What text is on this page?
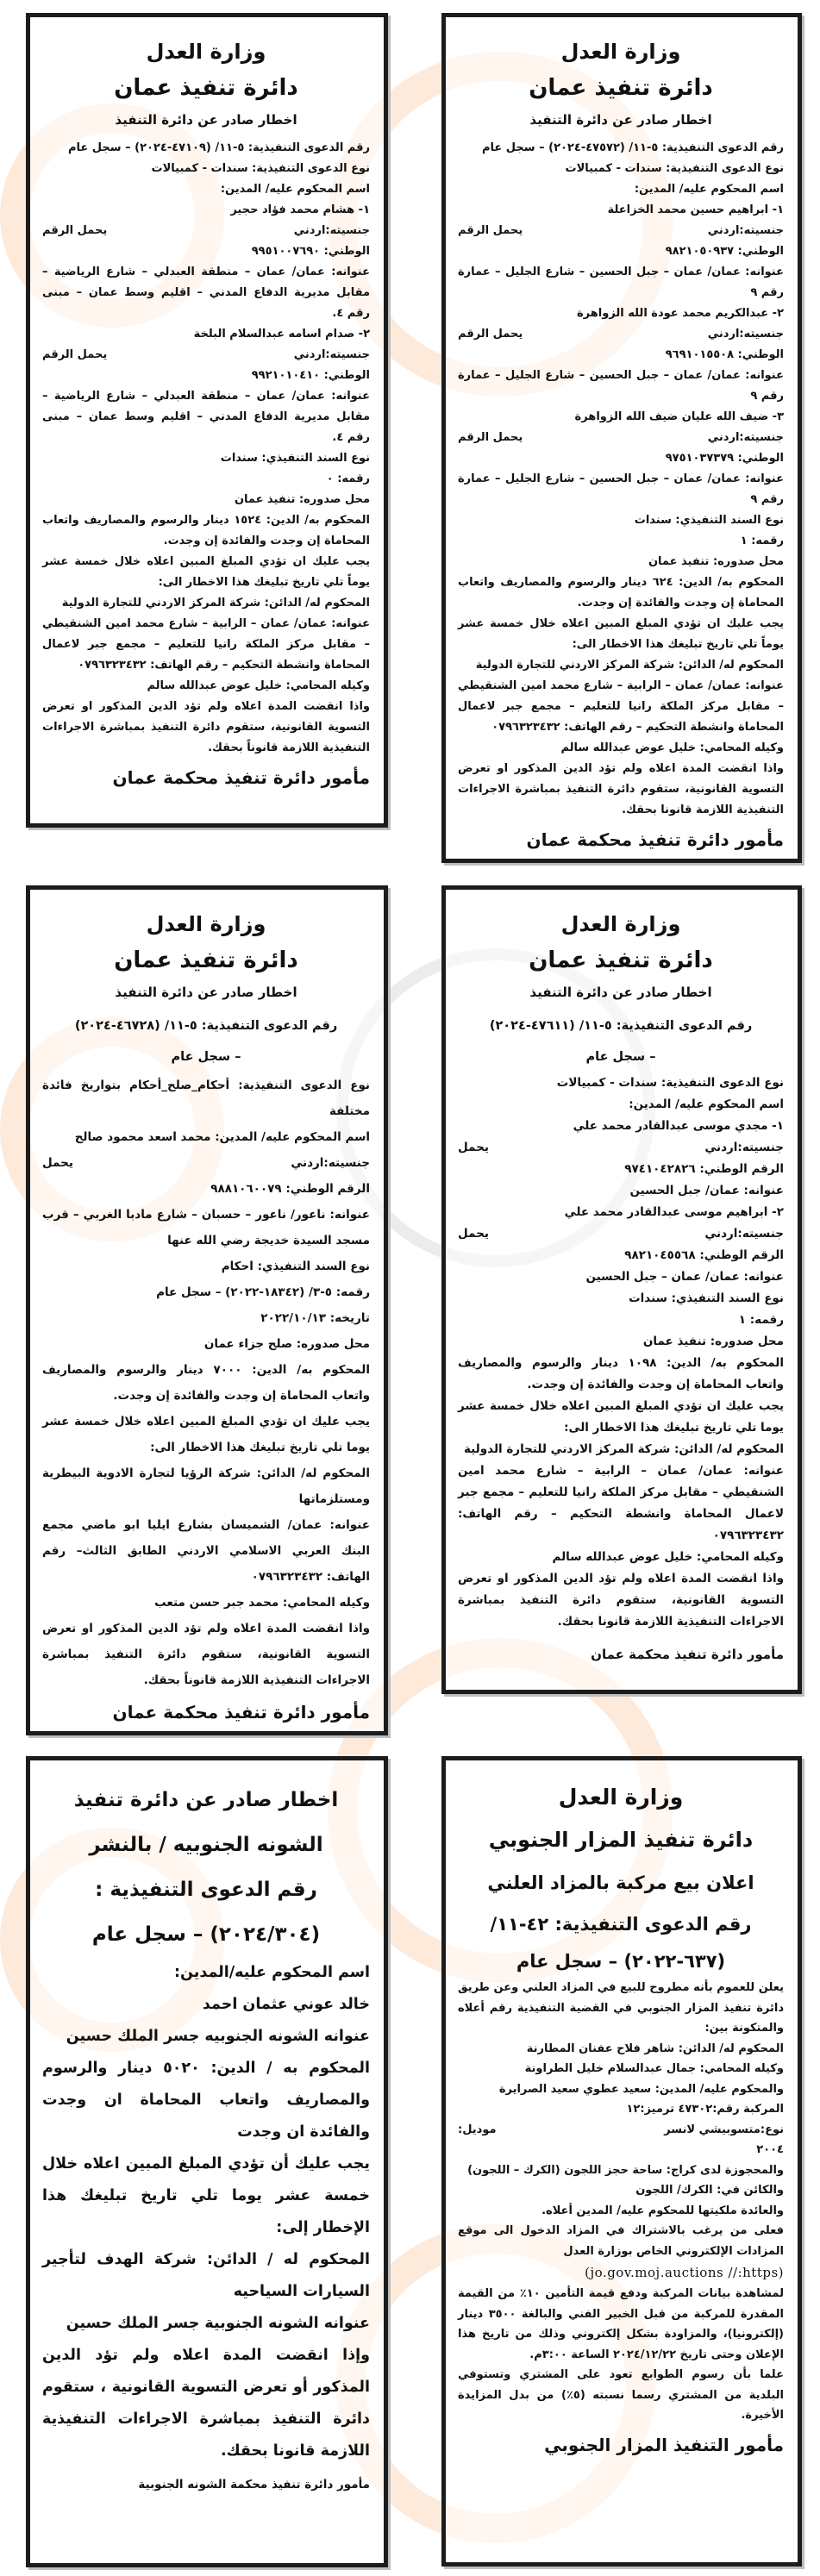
وزارة العدل
دائرة تنفيذ عمان
اخطار صادر عن دائرة التنفيذ
رقم الدعوى التنفيذية: ٥-١١/ (٤٧٥٧٢-٢٠٢٤) – سجل عام
نوع الدعوى التنفيذية: سندات - كمبيالات
اسم المحكوم عليه/ المدين:
١- ابراهيم حسين محمد الخزاعلة
جنسيته:اردني
يحمل الرقم
الوطني: ٩٨٢١٠٥٠٩٣٧
عنوانه: عمان/ عمان – جبل الحسين – شارع الجليل – عمارة رقم ٩
٢- عبدالكريم محمد عودة الله الزواهرة
جنسيته:اردني
يحمل الرقم
الوطني: ٩٦٩١٠١٥٥٠٨
عنوانه: عمان/ عمان – جبل الحسين – شارع الجليل – عمارة رقم ٩
٣- ضيف الله عليان ضيف الله الزواهرة
جنسيته:اردني
يحمل الرقم
الوطني: ٩٧٥١٠٣٧٣٧٩
عنوانه: عمان/ عمان – جبل الحسين – شارع الجليل – عمارة رقم ٩
نوع السند التنفيذي: سندات
رقمه: ١
محل صدوره: تنفيذ عمان
المحكوم به/ الدين: ٦٢٤ دينار والرسوم والمصاريف واتعاب المحاماة إن وجدت والفائدة إن وجدت.
يجب عليك ان تؤدي المبلغ المبين اعلاه خلال خمسة عشر يوماً تلي تاريخ تبليغك هذا الاخطار الى:
المحكوم له/ الدائن: شركة المركز الاردني للتجارة الدولية
عنوانه: عمان/ عمان – الرابية – شارع محمد امين الشنقيطي – مقابل مركز الملكة رانيا للتعليم – مجمع جبر لاعمال المحاماة وانشطة التحكيم – رقم الهاتف: ٠٧٩٦٣٢٣٤٣٢
وكيله المحامي: خليل عوض عبدالله سالم
واذا انقضت المدة اعلاه ولم تؤد الدين المذكور او تعرض التسوية القانونية، ستقوم دائرة التنفيذ بمباشرة الاجراءات التنفيذية اللازمة قانونا بحقك.
مأمور دائرة تنفيذ محكمة عمان
وزارة العدل
دائرة تنفيذ عمان
اخطار صادر عن دائرة التنفيذ
رقم الدعوى التنفيذية: ٥-١١/ (٤٧١٠٩-٢٠٢٤) – سجل عام
نوع الدعوى التنفيذية: سندات - كمبيالات
اسم المحكوم عليه/ المدين:
١- هشام محمد فؤاد حجير
جنسيته:اردني
يحمل الرقم
الوطني: ٩٩٥١٠٠٧٦٩٠
عنوانه: عمان/ عمان – منطقة العبدلي – شارع الرياضية – مقابل مديرية الدفاع المدني – اقليم وسط عمان – مبنى رقم ٤.
٢- صدام اسامه عبدالسلام البلخة
جنسيته:اردني
يحمل الرقم
الوطني: ٩٩٢١٠١٠٤١٠
عنوانه: عمان/ عمان – منطقة العبدلي – شارع الرياضية – مقابل مديرية الدفاع المدني – اقليم وسط عمان – مبنى رقم ٤.
نوع السند التنفيذي: سندات
رقمه: ٠
محل صدوره: تنفيذ عمان
المحكوم به/ الدين: ١٥٢٤ دينار والرسوم والمصاريف واتعاب المحاماة إن وجدت والفائدة إن وجدت.
يجب عليك ان تؤدي المبلغ المبين اعلاه خلال خمسة عشر يوماً تلي تاريخ تبليغك هذا الاخطار الى:
المحكوم له/ الدائن: شركة المركز الاردني للتجارة الدولية
عنوانه: عمان/ عمان – الرابية – شارع محمد امين الشنقيطي – مقابل مركز الملكة رانيا للتعليم – مجمع جبر لاعمال المحاماة وانشطة التحكيم – رقم الهاتف: ٠٧٩٦٣٢٣٤٣٢
وكيله المحامي: خليل عوض عبدالله سالم
واذا انقضت المدة اعلاه ولم تؤد الدين المذكور او تعرض التسوية القانونية، ستقوم دائرة التنفيذ بمباشرة الاجراءات التنفيذية اللازمة قانوناً بحقك.
مأمور دائرة تنفيذ محكمة عمان
وزارة العدل
دائرة تنفيذ عمان
اخطار صادر عن دائرة التنفيذ
رقم الدعوى التنفيذية: ٥-١١/ (٤٧٦١١-٢٠٢٤)
– سجل عام
نوع الدعوى التنفيذية: سندات - كمبيالات
اسم المحكوم عليه/ المدين:
١- مجدي موسى عبدالقادر محمد علي
جنسيته:اردني
يحمل
الرقم الوطني: ٩٧٤١٠٤٢٨٢٦
عنوانه: عمان/ جبل الحسين
٢- ابراهيم موسى عبدالقادر محمد علي
جنسيته:اردني
يحمل
الرقم الوطني: ٩٨٢١٠٤٥٥٦٨
عنوانه: عمان/ عمان – جبل الحسين
نوع السند التنفيذي: سندات
رقمه: ١
محل صدوره: تنفيذ عمان
المحكوم به/ الدين: ١٠٩٨ دينار والرسوم والمصاريف واتعاب المحاماة إن وجدت والفائدة إن وجدت.
يجب عليك ان تؤدي المبلغ المبين اعلاه خلال خمسة عشر يوما تلي تاريخ تبليغك هذا الاخطار الى:
المحكوم له/ الدائن: شركة المركز الاردني للتجارة الدولية
عنوانه: عمان/ عمان – الرابية – شارع محمد امين الشنقيطي – مقابل مركز الملكة رانيا للتعليم – مجمع جبر لاعمال المحاماة وانشطة التحكيم – رقم الهاتف: ٠٧٩٦٣٢٣٤٣٢
وكيله المحامي: خليل عوض عبدالله سالم
واذا انقضت المدة اعلاه ولم تؤد الدين المذكور او تعرض التسوية القانونية، ستقوم دائرة التنفيذ بمباشرة الاجراءات التنفيذية اللازمة قانونا بحقك.
مأمور دائرة تنفيذ محكمة عمان
وزارة العدل
دائرة تنفيذ عمان
اخطار صادر عن دائرة التنفيذ
رقم الدعوى التنفيذية: ٥-١١/ (٤٦٧٢٨-٢٠٢٤)
– سجل عام
نوع الدعوى التنفيذية: أحكام_صلح_أحكام بتواريخ فائدة مختلفة
اسم المحكوم عليه/ المدين: محمد اسعد محمود صالح
جنسيته:اردني
يحمل
الرقم الوطني: ٩٨٨١٠٦٠٠٧٩
عنوانه: ناعور/ ناعور – حسبان – شارع مادبا الغربي – قرب مسجد السيدة خديجة رضي الله عنها
نوع السند التنفيذي: احكام
رقمه: ٥-٣/ (١٨٣٤٢-٢٠٢٢) – سجل عام
تاريخه: ٢٠٢٢/١٠/١٣
محل صدوره: صلح جزاء عمان
المحكوم به/ الدين: ٧٠٠٠ دينار والرسوم والمصاريف واتعاب المحاماة إن وجدت والفائدة إن وجدت.
يجب عليك ان تؤدي المبلغ المبين اعلاه خلال خمسة عشر يوما تلي تاريخ تبليغك هذا الاخطار الى:
المحكوم له/ الدائن: شركة الرؤيا لتجارة الادوية البيطرية ومستلزماتها
عنوانه: عمان/ الشميسان بشارع ايليا ابو ماضي مجمع البنك العربي الاسلامي الاردني الطابق الثالث– رقم الهاتف: ٠٧٩٦٣٢٣٤٣٢
وكيله المحامي: محمد جبر حسن متعب
واذا انقضت المدة اعلاه ولم تؤد الدين المذكور او تعرض التسوية القانونية، ستقوم دائرة التنفيذ بمباشرة الاجراءات التنفيذية اللازمة قانوناً بحقك.
مأمور دائرة تنفيذ محكمة عمان
وزارة العدل
دائرة تنفيذ المزار الجنوبي
اعلان بيع مركبة بالمزاد العلني
رقم الدعوى التنفيذية: ٤٢-١١/
(٦٣٧-٢٠٢٢) – سجل عام
يعلن للعموم بأنه مطروح للبيع في المزاد العلني وعن طريق دائرة تنفيذ المزار الجنوبي في القضية التنفيذية رقم أعلاه والمتكونة بين:
المحكوم له/ الدائن: شاهر فلاح عفنان المطارنة
وكيله المحامي: جمال عبدالسلام خليل الطراونة
والمحكوم عليه/ المدين: سعيد عطوي سعيد الصرايرة
المركبة رقم:٤٧٣٠٢ ترميز:١٢
نوع:متسوبيشي لانسر
موديل:
٢٠٠٤
والمحجوزة لدى كراج: ساحة حجز اللجون (الكرك – اللجون)
والكائن في: الكرك/ اللجون
والعائدة ملكيتها للمحكوم عليه/ المدين أعلاه.
فعلى من يرغب بالاشتراك في المزاد الدخول الى موقع المزادات الإلكتروني الخاص بوزارة العدل
(jo.gov.moj.auctions //:https)
لمشاهدة بيانات المركبة ودفع قيمة التأمين ١٠٪ من القيمة المقدرة للمركبة من قبل الخبير الفني والبالغة ٣٥٠٠ دينار (إلكترونيا)، والمزاودة بشكل إلكتروني وذلك من تاريخ هذا الإعلان وحتى تاريخ ٢٠٢٤/١٢/٢٢ الساعة ٣:٠٠م.
علما بأن رسوم الطوابع تعود على المشتري وتستوفي البلدية من المشتري رسما نسبته (٥٪) من بدل المزايدة الأخيرة.
مأمور التنفيذ المزار الجنوبي
اخطار صادر عن دائرة تنفيذ
الشونه الجنوبيه / بالنشر
رقم الدعوى التنفيذية :
(٢٠٢٤/٣٠٤) – سجل عام
اسم المحكوم عليه/المدين:
خالد عوني عثمان احمد
عنوانه الشونه الجنوبيه جسر الملك حسين
المحكوم به / الدين: ٥٠٢٠ دينار والرسوم والمصاريف واتعاب المحاماة ان وجدت والفائدة ان وجدت
يجب عليك أن تؤدي المبلغ المبين اعلاه خلال خمسة عشر يوما تلي تاريخ تبليغك هذا الإخطار إلى:
المحكوم له / الدائن: شركة الهدف لتأجير السيارات السياحيه
عنوانه الشونه الجنوبية جسر الملك حسين
وإذا انقضت المدة اعلاه ولم تؤد الدين المذكور أو تعرض التسوية القانونية ، ستقوم دائرة التنفيذ بمباشرة الاجراءات التنفيذية اللازمة قانونا بحقك.
مأمور دائرة تنفيذ محكمة الشونه الجنوبية
